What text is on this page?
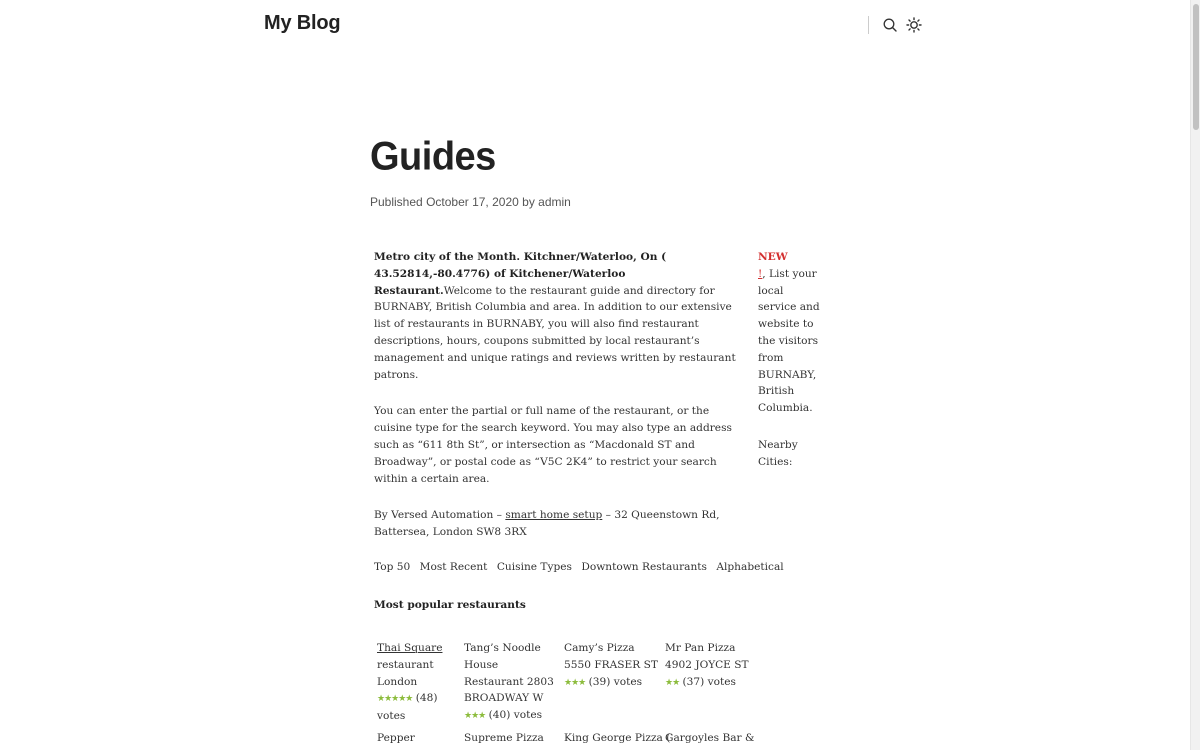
My Blog
Guides
Published October 17, 2020 by admin

Metro city of the Month. Kitchner/Waterloo, On ( 43.52814,-80.4776) of Kitchener/Waterloo Restaurant.Welcome to the restaurant guide and directory for BURNABY, British Columbia and area. In addition to our extensive list of restaurants in BURNABY, you will also find restaurant descriptions, hours, coupons submitted by local restaurant’s management and unique ratings and reviews written by restaurant patrons.

You can enter the partial or full name of the restaurant, or the cuisine type for the search keyword. You may also type an address such as “611 8th St”, or intersection as “Macdonald ST and Broadway”, or postal code as “V5C 2K4” to restrict your search within a certain area.

By Versed Automation – smart home setup – 32 Queenstown Rd, Battersea, London SW8 3RX

NEW
!, List your local service and website to the visitors from BURNABY, British Columbia.

Nearby Cities:

Top 50 Most Recent Cuisine Types Downtown Restaurants Alphabetical
Most popular restaurants
Thai Square
restaurant London
★★★★★ (48) votes
Tang’s Noodle House Restaurant 2803 BROADWAY W
★★★ (40) votes
Camy’s Pizza 5550 FRASER ST
★★★ (39) votes
Mr Pan Pizza 4902 JOYCE ST
★★ (37) votes
Pepper	Supreme Pizza	King George Pizza (
Gargoyles Bar &
